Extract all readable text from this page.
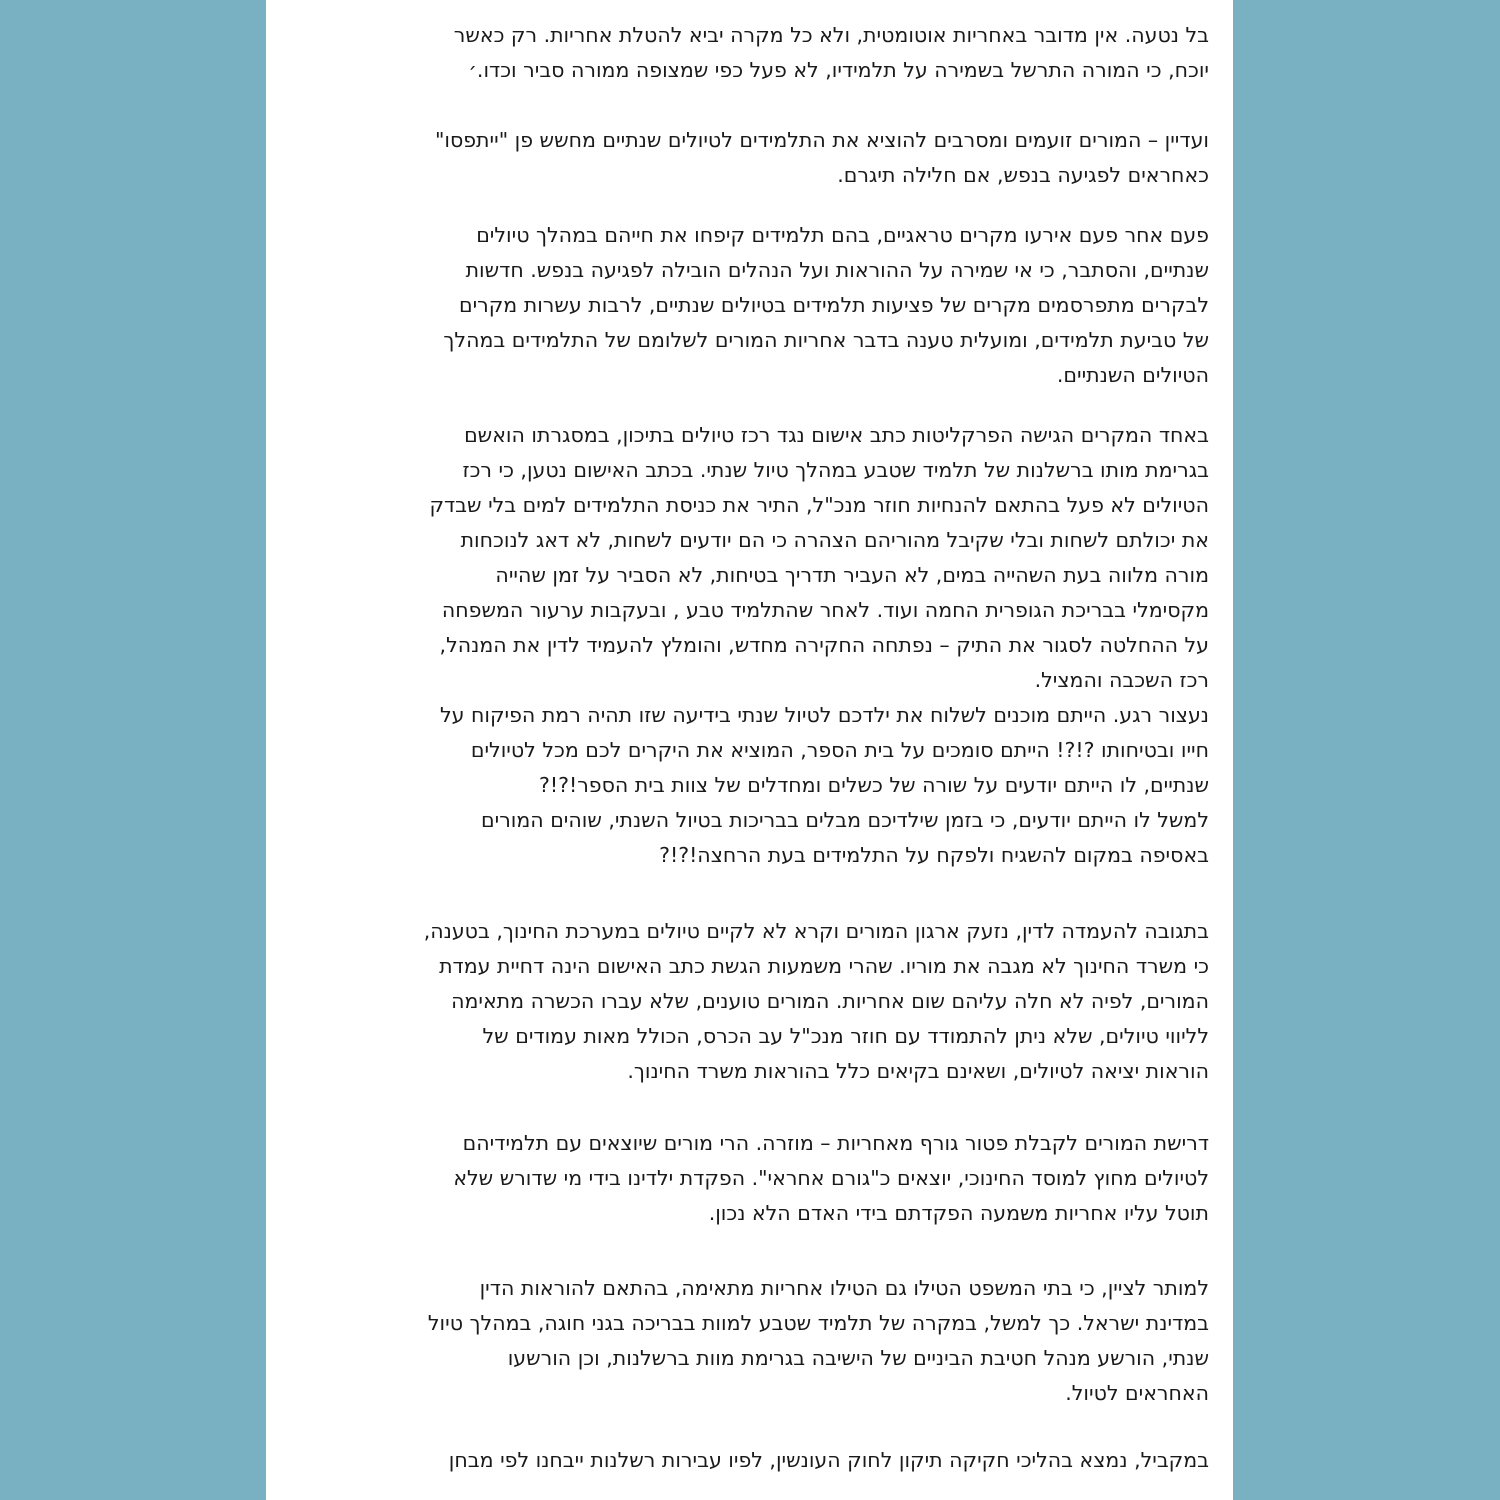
בל נטעה. אין מדובר באחריות אוטומטית, ולא כל מקרה יביא להטלת אחריות. רק כאשר
יוכח, כי המורה התרשל בשמירה על תלמידיו, לא פעל כפי שמצופה ממורה סביר וכדו.׳
ועדיין – המורים זועמים ומסרבים להוציא את התלמידים לטיולים שנתיים מחשש פן "ייתפסו"
כאחראים לפגיעה בנפש, אם חלילה תיגרם.
פעם אחר פעם אירעו מקרים טראגיים, בהם תלמידים קיפחו את חייהם במהלך טיולים
שנתיים, והסתבר, כי אי שמירה על ההוראות ועל הנהלים הובילה לפגיעה בנפש. חדשות
לבקרים מתפרסמים מקרים של פציעות תלמידים בטיולים שנתיים, לרבות עשרות מקרים
של טביעת תלמידים, ומועלית טענה בדבר אחריות המורים לשלומם של התלמידים במהלך
הטיולים השנתיים.
באחד המקרים הגישה הפרקליטות כתב אישום נגד רכז טיולים בתיכון, במסגרתו הואשם
בגרימת מותו ברשלנות של תלמיד שטבע במהלך טיול שנתי. בכתב האישום נטען, כי רכז
הטיולים לא פעל בהתאם להנחיות חוזר מנכ"ל, התיר את כניסת התלמידים למים בלי שבדק
את יכולתם לשחות ובלי שקיבל מהוריהם הצהרה כי הם יודעים לשחות, לא דאג לנוכחות
מורה מלווה בעת השהייה במים, לא העביר תדריך בטיחות, לא הסביר על זמן שהייה
מקסימלי בבריכת הגופרית החמה ועוד. לאחר שהתלמיד טבע , ובעקבות ערעור המשפחה
על ההחלטה לסגור את התיק – נפתחה החקירה מחדש, והומלץ להעמיד לדין את המנהל,
רכז השכבה והמציל.
נעצור רגע. הייתם מוכנים לשלוח את ילדכם לטיול שנתי בידיעה שזו תהיה רמת הפיקוח על
חייו ובטיחותו ?!?! הייתם סומכים על בית הספר, המוציא את היקרים לכם מכל לטיולים
שנתיים, לו הייתם יודעים על שורה של כשלים ומחדלים של צוות בית הספר!?!?
למשל לו הייתם יודעים, כי בזמן שילדיכם מבלים בבריכות בטיול השנתי, שוהים המורים
באסיפה במקום להשגיח ולפקח על התלמידים בעת הרחצה!?!?
בתגובה להעמדה לדין, נזעק ארגון המורים וקרא לא לקיים טיולים במערכת החינוך, בטענה,
כי משרד החינוך לא מגבה את מוריו. שהרי משמעות הגשת כתב האישום הינה דחיית עמדת
המורים, לפיה לא חלה עליהם שום אחריות. המורים טוענים, שלא עברו הכשרה מתאימה
לליווי טיולים, שלא ניתן להתמודד עם חוזר מנכ"ל עב הכרס, הכולל מאות עמודים של
הוראות יציאה לטיולים, ושאינם בקיאים כלל בהוראות משרד החינוך.
דרישת המורים לקבלת פטור גורף מאחריות – מוזרה. הרי מורים שיוצאים עם תלמידיהם
לטיולים מחוץ למוסד החינוכי, יוצאים כ"גורם אחראי". הפקדת ילדינו בידי מי שדורש שלא
תוטל עליו אחריות משמעה הפקדתם בידי האדם הלא נכון.
למותר לציין, כי בתי המשפט הטילו גם הטילו אחריות מתאימה, בהתאם להוראות הדין
במדינת ישראל. כך למשל, במקרה של תלמיד שטבע למוות בבריכה בגני חוגה, במהלך טיול
שנתי, הורשע מנהל חטיבת הביניים של הישיבה בגרימת מוות ברשלנות, וכן הורשעו
האחראים לטיול.
במקביל, נמצא בהליכי חקיקה תיקון לחוק העונשין, לפיו עבירות רשלנות ייבחנו לפי מבחן
